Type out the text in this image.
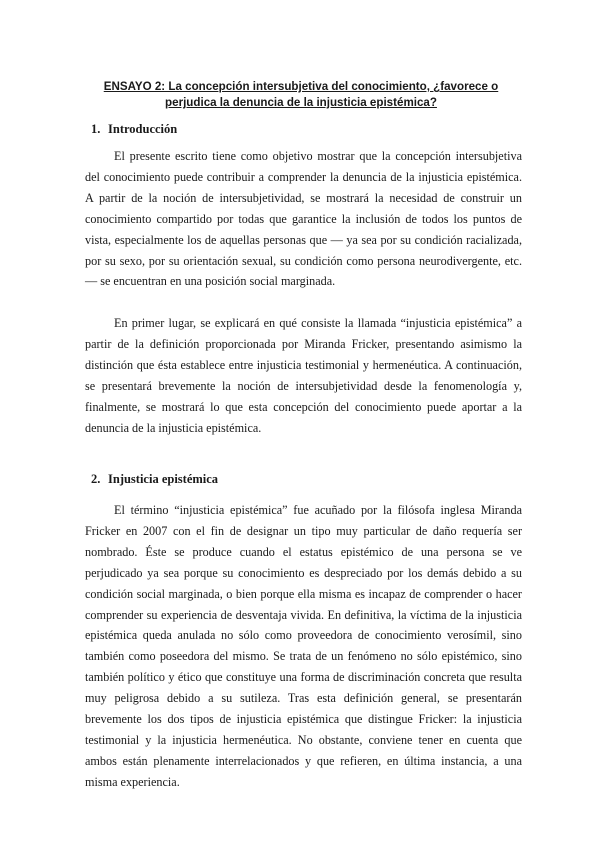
ENSAYO 2: La concepción intersubjetiva del conocimiento, ¿favorece o perjudica la denuncia de la injusticia epistémica?
1. Introducción
El presente escrito tiene como objetivo mostrar que la concepción intersubjetiva del conocimiento puede contribuir a comprender la denuncia de la injusticia epistémica. A partir de la noción de intersubjetividad, se mostrará la necesidad de construir un conocimiento compartido por todas que garantice la inclusión de todos los puntos de vista, especialmente los de aquellas personas que — ya sea por su condición racializada, por su sexo, por su orientación sexual, su condición como persona neurodivergente, etc. — se encuentran en una posición social marginada.
En primer lugar, se explicará en qué consiste la llamada “injusticia epistémica” a partir de la definición proporcionada por Miranda Fricker, presentando asimismo la distinción que ésta establece entre injusticia testimonial y hermenéutica. A continuación, se presentará brevemente la noción de intersubjetividad desde la fenomenología y, finalmente, se mostrará lo que esta concepción del conocimiento puede aportar a la denuncia de la injusticia epistémica.
2. Injusticia epistémica
El término “injusticia epistémica” fue acuñado por la filósofa inglesa Miranda Fricker en 2007 con el fin de designar un tipo muy particular de daño requería ser nombrado. Éste se produce cuando el estatus epistémico de una persona se ve perjudicado ya sea porque su conocimiento es despreciado por los demás debido a su condición social marginada, o bien porque ella misma es incapaz de comprender o hacer comprender su experiencia de desventaja vivida. En definitiva, la víctima de la injusticia epistémica queda anulada no sólo como proveedora de conocimiento verosímil, sino también como poseedora del mismo. Se trata de un fenómeno no sólo epistémico, sino también político y ético que constituye una forma de discriminación concreta que resulta muy peligrosa debido a su sutileza. Tras esta definición general, se presentarán brevemente los dos tipos de injusticia epistémica que distingue Fricker: la injusticia testimonial y la injusticia hermenéutica. No obstante, conviene tener en cuenta que ambos están plenamente interrelacionados y que refieren, en última instancia, a una misma experiencia.
